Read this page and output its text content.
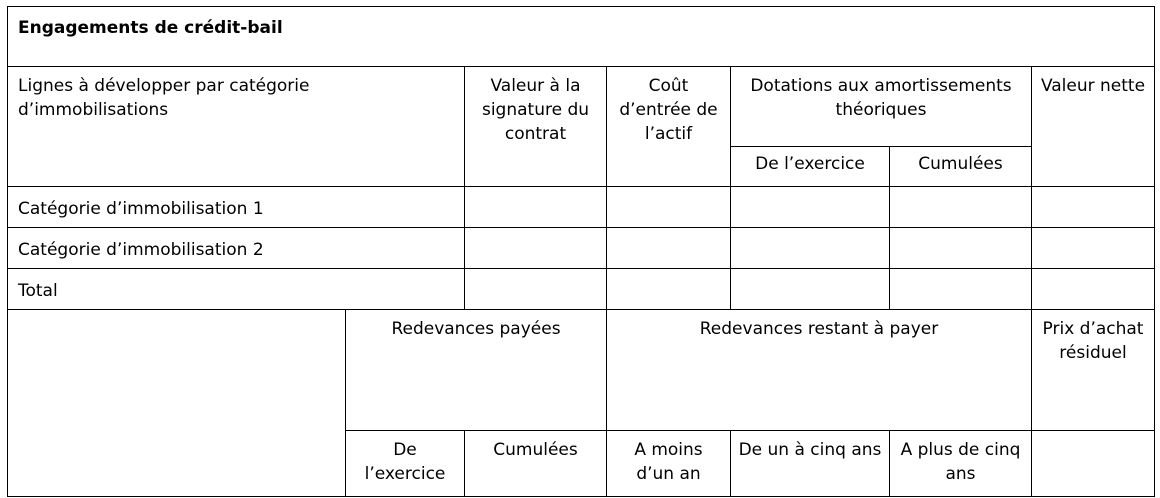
Engagements de crédit-bail						
Lignes à développer par catégorie d’immobilisations		Valeur à la signature du contrat	Coût d’entrée de l’actif	Dotations aux amortissements théoriques		Valeur nette
				De l’exercice	Cumulées	
Catégorie d’immobilisation 1						
Catégorie d’immobilisation 2						
Total						
	Redevances payées		Redevances restant à payer			Prix d’achat résiduel
	De l’exercice	Cumulées	A moins d’un an	De un à cinq ans	A plus de cinq ans	
